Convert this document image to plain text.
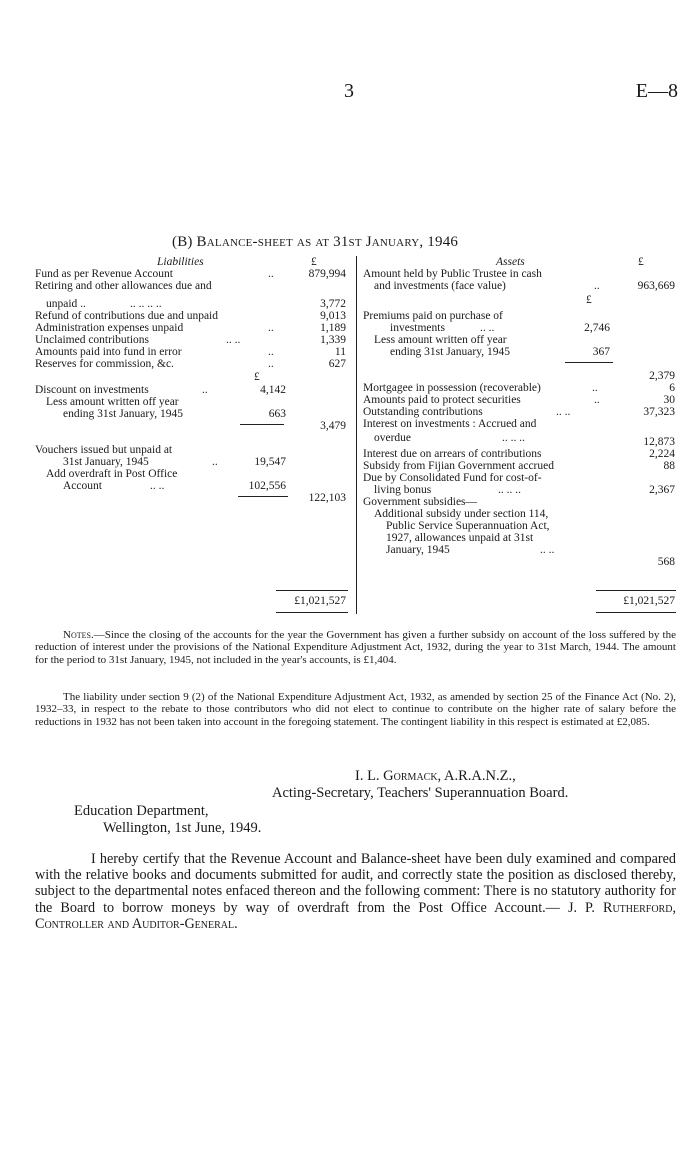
3	E—8
(B) Balance-sheet as at 31st January, 1946
Liabilities	£
Fund as per Revenue Account	..	879,994
Retiring and other allowances due and
unpaid ..	.. .. .. ..	3,772
Refund of contributions due and unpaid	9,013
Administration expenses unpaid	..	1,189
Unclaimed contributions	.. ..	1,339
Amounts paid into fund in error	..	11
Reserves for commission, &c.	..	627
£
Discount on investments	..	4,142
Less amount written off year
ending 31st January, 1945	663
3,479
Vouchers issued but unpaid at
31st January, 1945	..	19,547
Add overdraft in Post Office
Account	.. ..	102,556
122,103
£1,021,527
Assets	£
Amount held by Public Trustee in cash
and investments (face value)	..	963,669
£
Premiums paid on purchase of
investments	.. ..	2,746
Less amount written off year
ending 31st January, 1945	367
2,379
Mortgagee in possession (recoverable)	..	6
Amounts paid to protect securities	..	30
Outstanding contributions	.. ..	37,323
Interest on investments : Accrued and
overdue	.. .. ..	12,873
Interest due on arrears of contributions	2,224
Subsidy from Fijian Government accrued	88
Due by Consolidated Fund for cost-of-
living bonus	.. .. ..	2,367
Government subsidies—
Additional subsidy under section 114,
Public Service Superannuation Act,
1927, allowances unpaid at 31st
January, 1945	.. ..
568
£1,021,527
Notes.—Since the closing of the accounts for the year the Government has given a further subsidy on account of the loss suffered by the reduction of interest under the provisions of the National Expenditure Adjustment Act, 1932, during the year to 31st March, 1944. The amount for the period to 31st January, 1945, not included in the year's accounts, is £1,404.
The liability under section 9 (2) of the National Expenditure Adjustment Act, 1932, as amended by section 25 of the Finance Act (No. 2), 1932–33, in respect to the rebate to those contributors who did not elect to continue to contribute on the higher rate of salary before the reductions in 1932 has not been taken into account in the foregoing statement. The contingent liability in this respect is estimated at £2,085.
I. L. Gormack, A.R.A.N.Z.,
Acting-Secretary, Teachers' Superannuation Board.
Education Department,
Wellington, 1st June, 1949.
I hereby certify that the Revenue Account and Balance-sheet have been duly examined and compared with the relative books and documents submitted for audit, and correctly state the position as disclosed thereby, subject to the departmental notes enfaced thereon and the following comment: There is no statutory authority for the Board to borrow moneys by way of overdraft from the Post Office Account.— J. P. Rutherford, Controller and Auditor-General.
